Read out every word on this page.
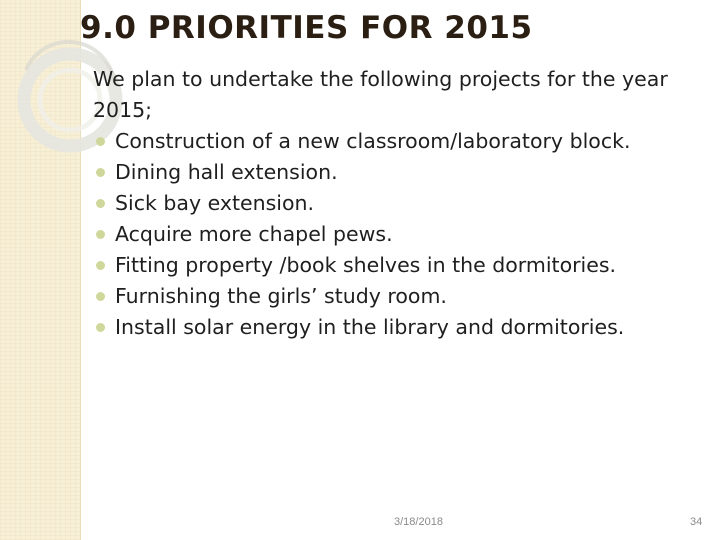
9.0 PRIORITIES FOR 2015

We plan to undertake the following projects for the year 2015;

Construction of a new classroom/laboratory block.
Dining hall extension.
Sick bay extension.
Acquire more chapel pews.
Fitting property /book shelves in the dormitories.
Furnishing the girls’ study room.
Install solar energy in the library and dormitories.
3/18/2018	34
